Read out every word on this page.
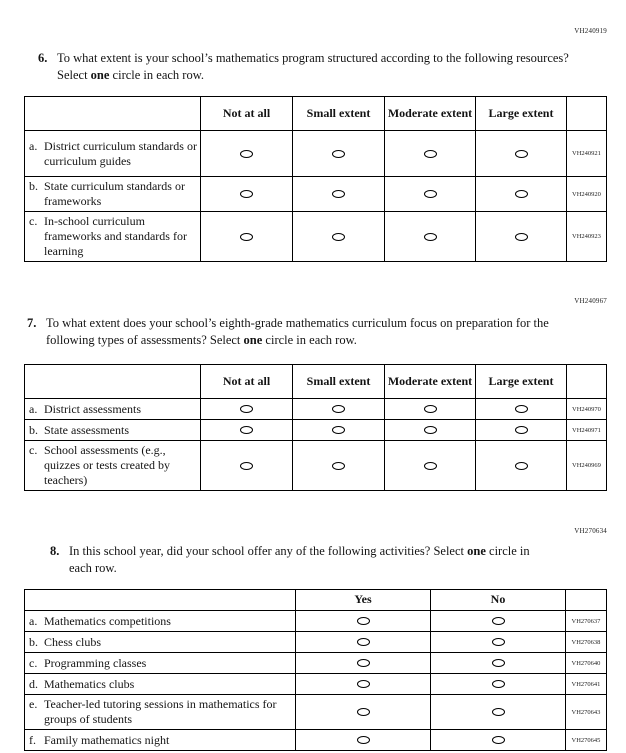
VH240919
6. To what extent is your school’s mathematics program structured according to the following resources? Select one circle in each row.
	Not at all	Small extent	Moderate extent	Large extent	

a. District curriculum standards or curriculum guides					VH240921

b. State curriculum standards or frameworks					VH240920

c. In-school curriculum frameworks and standards for learning					VH240923
VH240967
7. To what extent does your school’s eighth-grade mathematics curriculum focus on preparation for the following types of assessments? Select one circle in each row.
	Not at all	Small extent	Moderate extent	Large extent	

a. District assessments					VH240970

b. State assessments					VH240971

c. School assessments (e.g., quizzes or tests created by teachers)					VH240969
VH270634
8. In this school year, did your school offer any of the following activities? Select one circle in each row.
	Yes	No	

a. Mathematics competitions			VH270637

b. Chess clubs			VH270638

c. Programming classes			VH270640

d. Mathematics clubs			VH270641

e. Teacher-led tutoring sessions in mathematics for groups of students			VH270643

f. Family mathematics night			VH270645
